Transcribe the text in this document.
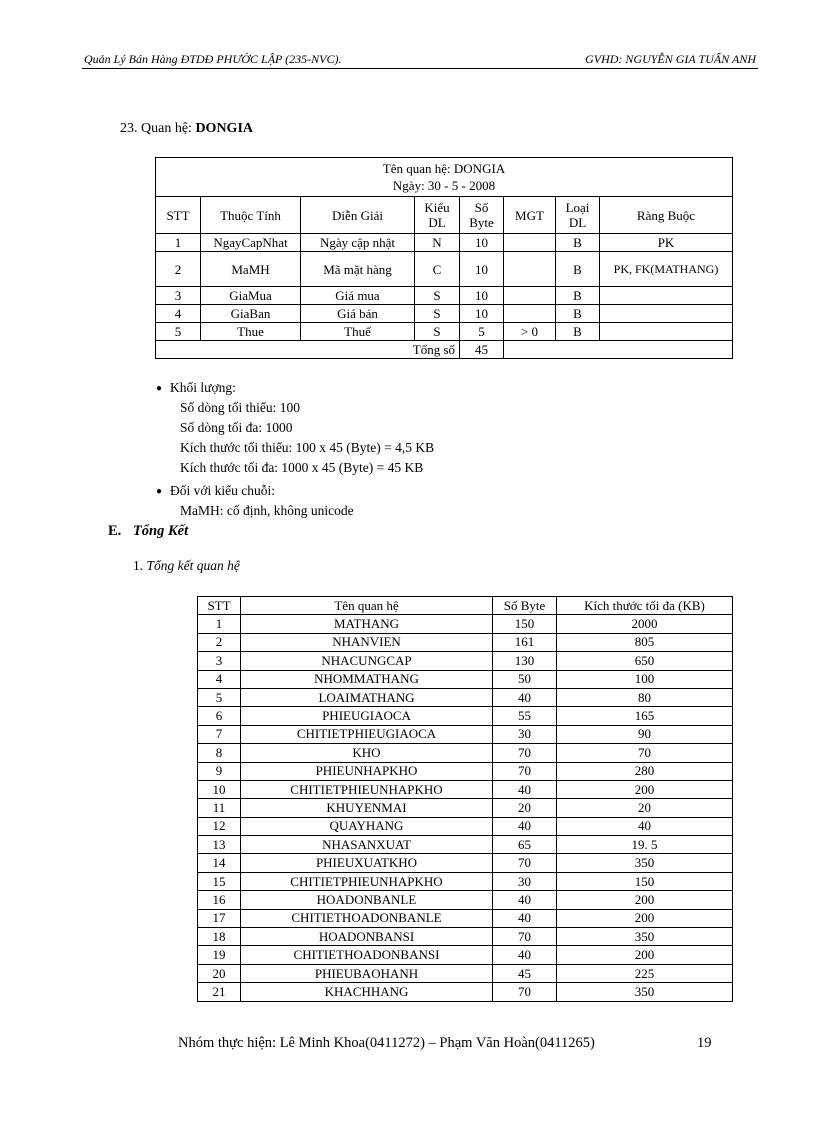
Quản Lý Bán Hàng ĐTDĐ PHƯỚC LẬP (235-NVC).	GVHD: NGUYỄN GIA TUẤN ANH
23. Quan hệ: DONGIA
Tên quan hệ: DONGIA
Ngày: 30 - 5 - 2008							

STT	Thuộc Tính	Diễn Giải	Kiểu DL	Số Byte	MGT	Loại DL	Ràng Buộc
1	NgayCapNhat	Ngày cập nhật	N	10		B	PK
2	MaMH	Mã mặt hàng	C	10		B	PK, FK(MATHANG)
3	GiaMua	Giá mua	S	10		B	
4	GiaBan	Giá bán	S	10		B	
5	Thue	Thuế	S	5	> 0	B	
Tổng số				45			
● Khối lượng:
Số dòng tối thiểu: 100
Số dòng tối đa: 1000
Kích thước tối thiểu: 100 x 45 (Byte) = 4,5 KB
Kích thước tối đa: 1000 x 45 (Byte) = 45 KB
● Đối với kiểu chuỗi:
MaMH: cố định, không unicode
E. Tổng Kết
1. Tổng kết quan hệ
STT	Tên quan hệ	Số Byte	Kích thước tối đa (KB)
1	MATHANG	150	2000
2	NHANVIEN	161	805
3	NHACUNGCAP	130	650
4	NHOMMATHANG	50	100
5	LOAIMATHANG	40	80
6	PHIEUGIAOCA	55	165
7	CHITIETPHIEUGIAOCA	30	90
8	KHO	70	70
9	PHIEUNHAPKHO	70	280
10	CHITIETPHIEUNHAPKHO	40	200
11	KHUYENMAI	20	20
12	QUAYHANG	40	40
13	NHASANXUAT	65	19. 5
14	PHIEUXUATKHO	70	350
15	CHITIETPHIEUNHAPKHO	30	150
16	HOADONBANLE	40	200
17	CHITIETHOADONBANLE	40	200
18	HOADONBANSI	70	350
19	CHITIETHOADONBANSI	40	200
20	PHIEUBAOHANH	45	225
21	KHACHHANG	70	350
Nhóm thực hiện: Lê Minh Khoa(0411272) – Phạm Văn Hoàn(0411265)	19
